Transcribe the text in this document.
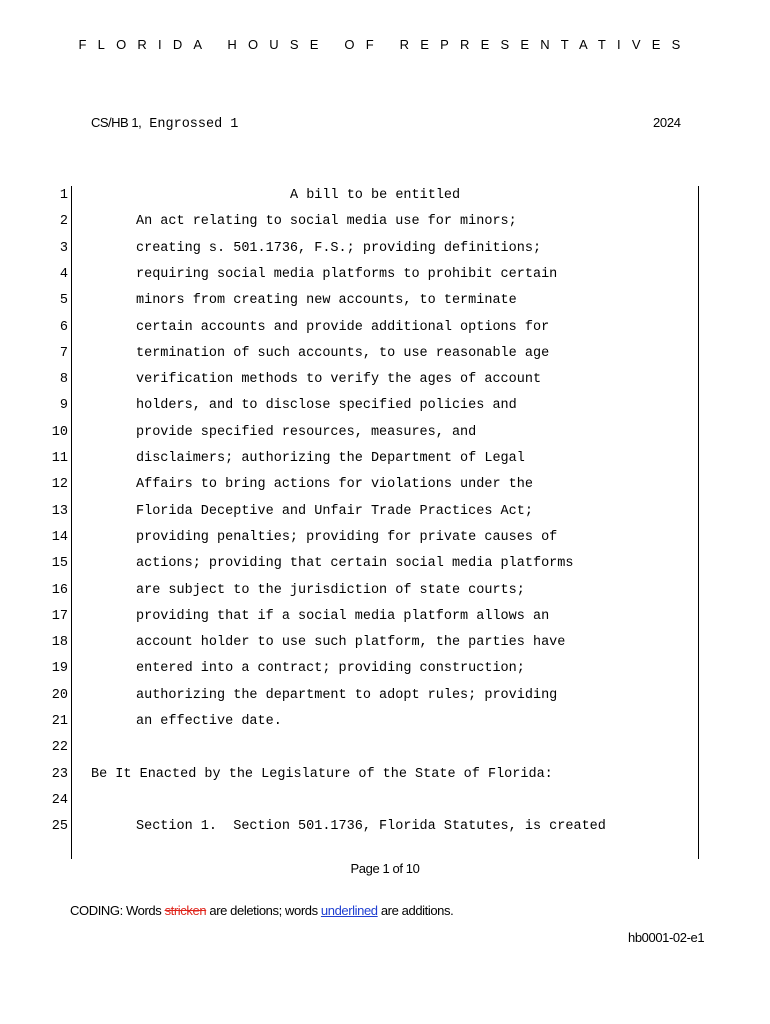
FLORIDA HOUSE OF REPRESENTATIVES
CS/HB 1, Engrossed 1	2024
1	A bill to be entitled
2	An act relating to social media use for minors;
3	creating s. 501.1736, F.S.; providing definitions;
4	requiring social media platforms to prohibit certain
5	minors from creating new accounts, to terminate
6	certain accounts and provide additional options for
7	termination of such accounts, to use reasonable age
8	verification methods to verify the ages of account
9	holders, and to disclose specified policies and
10	provide specified resources, measures, and
11	disclaimers; authorizing the Department of Legal
12	Affairs to bring actions for violations under the
13	Florida Deceptive and Unfair Trade Practices Act;
14	providing penalties; providing for private causes of
15	actions; providing that certain social media platforms
16	are subject to the jurisdiction of state courts;
17	providing that if a social media platform allows an
18	account holder to use such platform, the parties have
19	entered into a contract; providing construction;
20	authorizing the department to adopt rules; providing
21	an effective date.
22
23 Be It Enacted by the Legislature of the State of Florida:
24
25	Section 1.  Section 501.1736, Florida Statutes, is created
Page 1 of 10
CODING: Words stricken are deletions; words underlined are additions.
hb0001-02-e1
